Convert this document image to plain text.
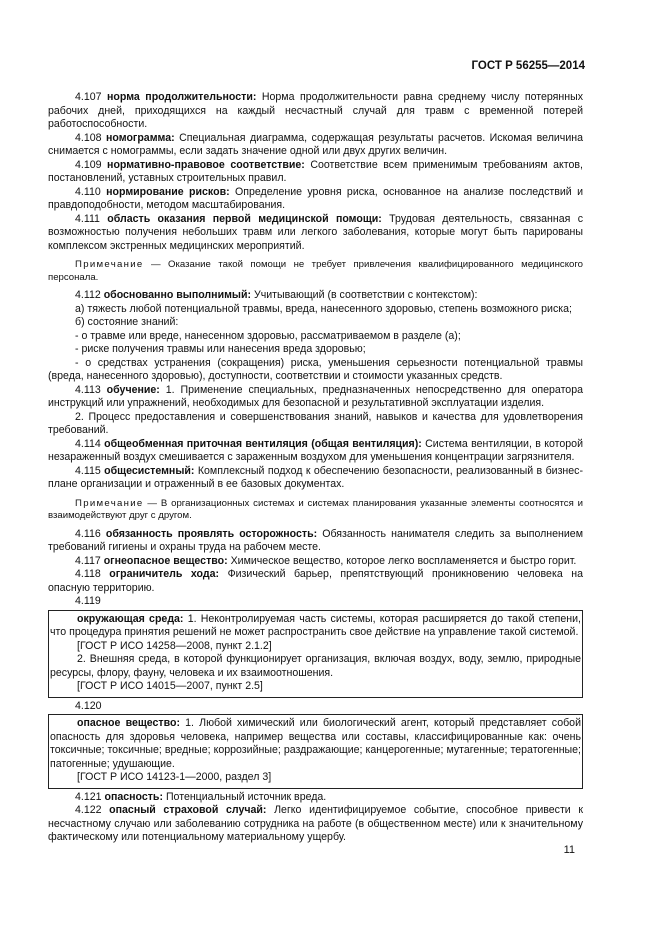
ГОСТ Р 56255—2014

4.107 норма продолжительности: Норма продолжительности равна среднему числу потерянных рабочих дней, приходящихся на каждый несчастный случай для травм с временной потерей работоспособности.

4.108 номограмма: Специальная диаграмма, содержащая результаты расчетов. Искомая величина снимается с номограммы, если задать значение одной или двух других величин.

4.109 нормативно-правовое соответствие: Соответствие всем применимым требованиям актов, постановлений, уставных строительных правил.

4.110 нормирование рисков: Определение уровня риска, основанное на анализе последствий и правдоподобности, методом масштабирования.

4.111 область оказания первой медицинской помощи: Трудовая деятельность, связанная с возможностью получения небольших травм или легкого заболевания, которые могут быть парированы комплексом экстренных медицинских мероприятий.

Примечание — Оказание такой помощи не требует привлечения квалифицированного медицинского персонала.

4.112 обоснованно выполнимый: Учитывающий (в соответствии с контекстом):

а) тяжесть любой потенциальной травмы, вреда, нанесенного здоровью, степень возможного риска;

б) состояние знаний:

- о травме или вреде, нанесенном здоровью, рассматриваемом в разделе (а);

- риске получения травмы или нанесения вреда здоровью;

- о средствах устранения (сокращения) риска, уменьшения серьезности потенциальной травмы (вреда, нанесенного здоровью), доступности, соответствии и стоимости указанных средств.

4.113 обучение: 1. Применение специальных, предназначенных непосредственно для оператора инструкций или упражнений, необходимых для безопасной и результативной эксплуатации изделия.

2. Процесс предоставления и совершенствования знаний, навыков и качества для удовлетворения требований.

4.114 общеобменная приточная вентиляция (общая вентиляция): Система вентиляции, в которой незараженный воздух смешивается с зараженным воздухом для уменьшения концентрации загрязнителя.

4.115 общесистемный: Комплексный подход к обеспечению безопасности, реализованный в бизнес-плане организации и отраженный в ее базовых документах.

Примечание — В организационных системах и системах планирования указанные элементы соотносятся и взаимодействуют друг с другом.

4.116 обязанность проявлять осторожность: Обязанность нанимателя следить за выполнением требований гигиены и охраны труда на рабочем месте.

4.117 огнеопасное вещество: Химическое вещество, которое легко воспламеняется и быстро горит.

4.118 ограничитель хода: Физический барьер, препятствующий проникновению человека на опасную территорию.

4.119

окружающая среда: 1. Неконтролируемая часть системы, которая расширяется до такой степени, что процедура принятия решений не может распространить свое действие на управление такой системой.

[ГОСТ Р ИСО 14258—2008, пункт 2.1.2]

2. Внешняя среда, в которой функционирует организация, включая воздух, воду, землю, природные ресурсы, флору, фауну, человека и их взаимоотношения.

[ГОСТ Р ИСО 14015—2007, пункт 2.5]

4.120

опасное вещество: 1. Любой химический или биологический агент, который представляет собой опасность для здоровья человека, например вещества или составы, классифицированные как: очень токсичные; токсичные; вредные; коррозийные; раздражающие; канцерогенные; мутагенные; тератогенные; патогенные; удушающие.

[ГОСТ Р ИСО 14123-1—2000, раздел 3]

4.121 опасность: Потенциальный источник вреда.

4.122 опасный страховой случай: Легко идентифицируемое событие, способное привести к несчастному случаю или заболеванию сотрудника на работе (в общественном месте) или к значительному фактическому или потенциальному материальному ущербу.

11
